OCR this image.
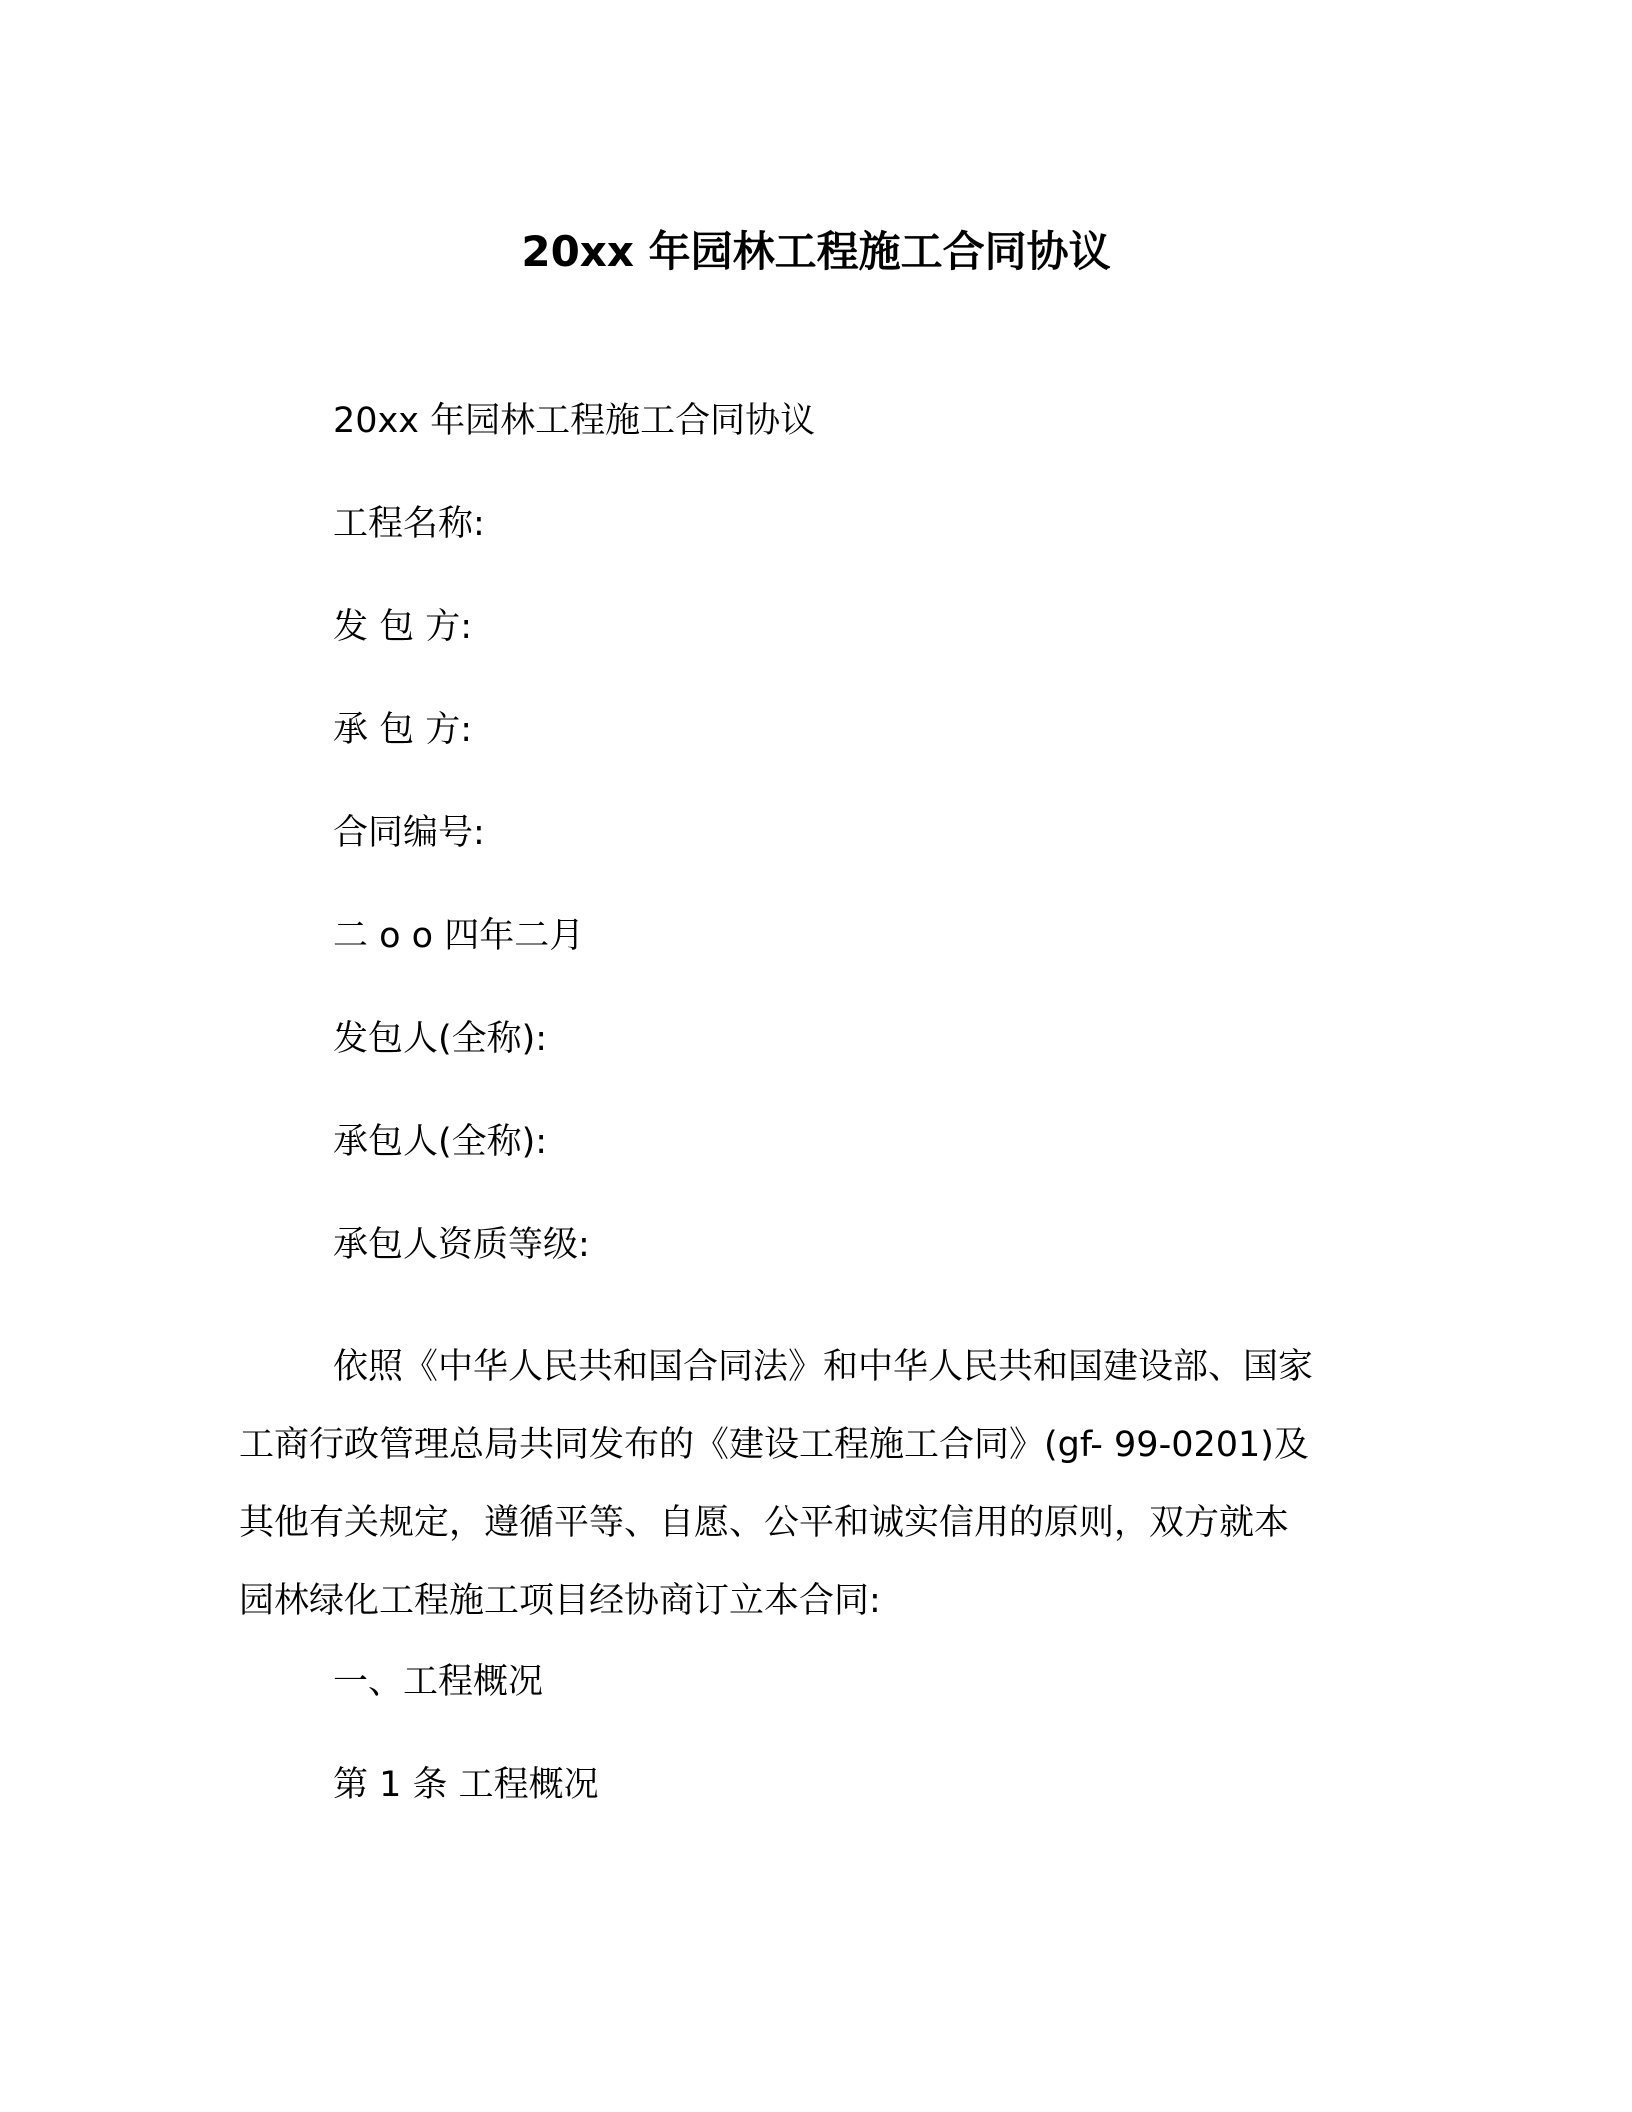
20xx 年园林工程施工合同协议
20xx 年园林工程施工合同协议
工程名称:
发 包 方:
承 包 方:
合同编号:
二 o o 四年二月
发包人(全称):
承包人(全称):
承包人资质等级:
依照《中华人民共和国合同法》和中华人民共和国建设部、国家
工商行政管理总局共同发布的《建设工程施工合同》(gf- 99-0201)及
其他有关规定，遵循平等、自愿、公平和诚实信用的原则，双方就本
园林绿化工程施工项目经协商订立本合同:
一、工程概况
第 1 条 工程概况
